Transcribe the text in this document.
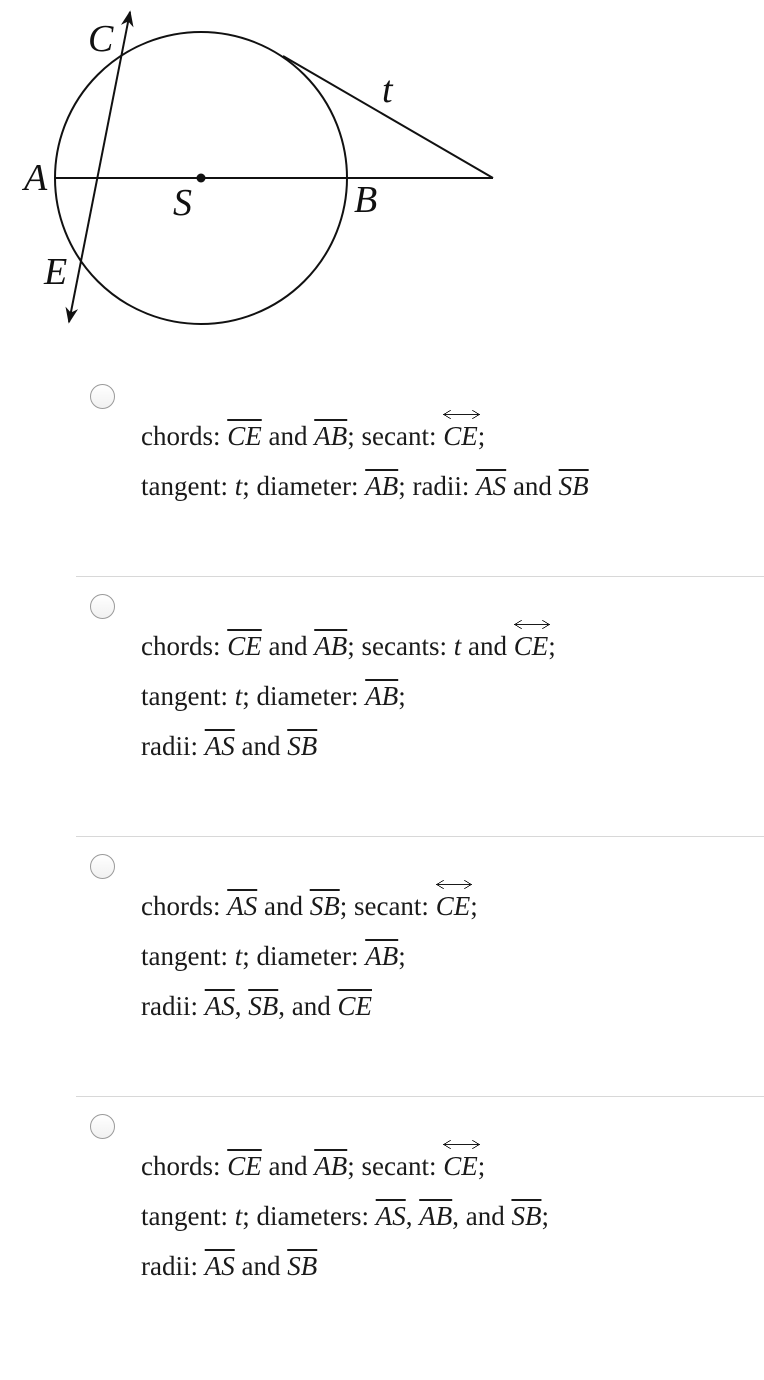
C
A
E
S	B
t
chords: $\overline{CE}$ and $\overline{AB}$; secant: CE;
tangent: t; diameter: $\overline{AB}$; radii: $\overline{AS}$ and $\overline{SB}$
chords: $\overline{CE}$ and $\overline{AB}$; secants: t and CE;
tangent: t; diameter: $\overline{AB}$;
radii: $\overline{AS}$ and $\overline{SB}$
chords: $\overline{AS}$ and $\overline{SB}$; secant: CE;
tangent: t; diameter: $\overline{AB}$;
radii: $\overline{AS}$, $\overline{SB}$, and $\overline{CE}$
chords: $\overline{CE}$ and $\overline{AB}$; secant: CE;
tangent: t; diameters: $\overline{AS}$, $\overline{AB}$, and $\overline{SB}$;
radii: $\overline{AS}$ and $\overline{SB}$
